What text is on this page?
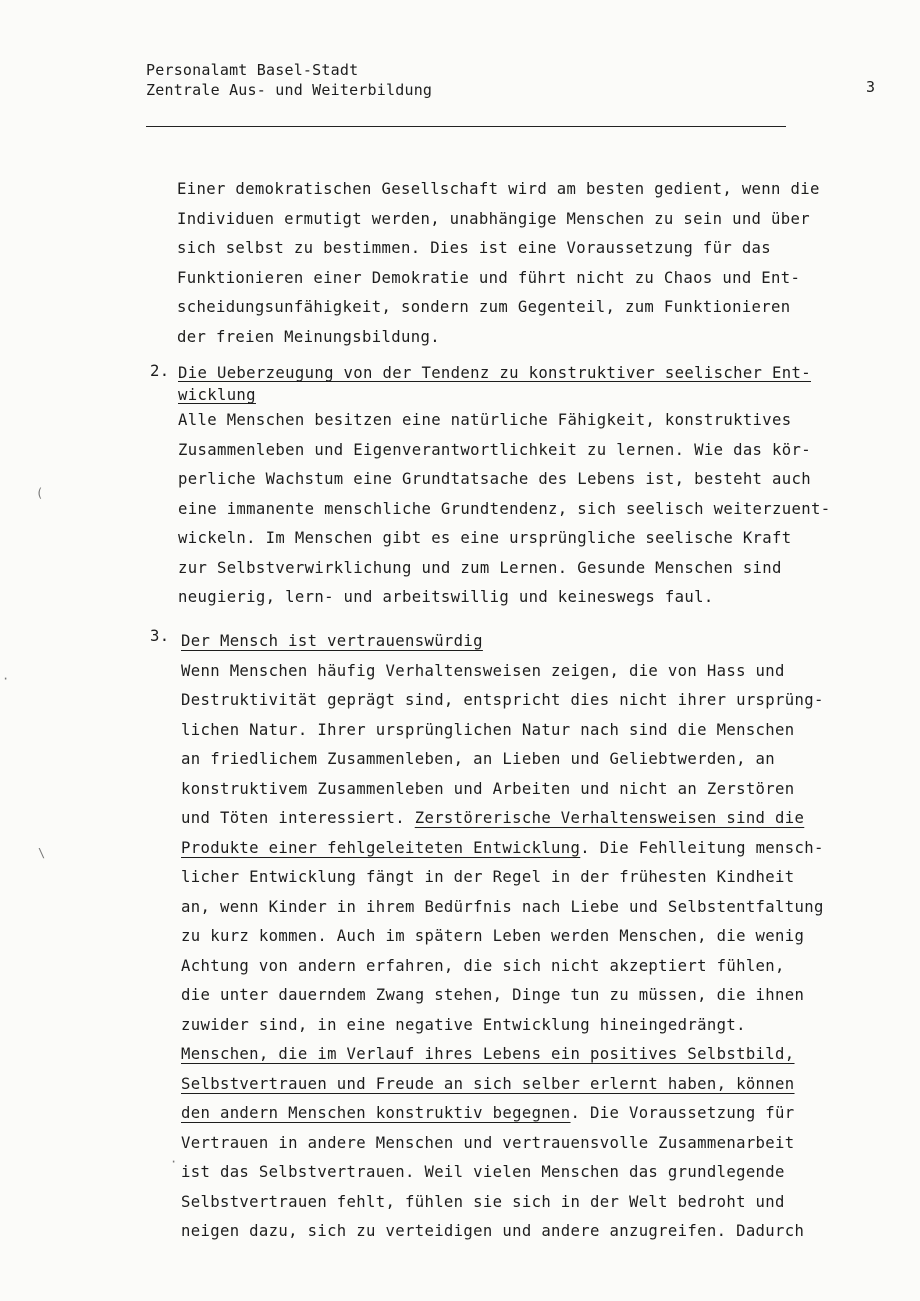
Personalamt Basel-Stadt
Zentrale Aus- und Weiterbildung	3
Einer demokratischen Gesellschaft wird am besten gedient, wenn die
Individuen ermutigt werden, unabhängige Menschen zu sein und über
sich selbst zu bestimmen. Dies ist eine Voraussetzung für das
Funktionieren einer Demokratie und führt nicht zu Chaos und Ent-
scheidungsunfähigkeit, sondern zum Gegenteil, zum Funktionieren
der freien Meinungsbildung.
2. Die Ueberzeugung von der Tendenz zu konstruktiver seelischer Ent-
wicklung
Alle Menschen besitzen eine natürliche Fähigkeit, konstruktives
Zusammenleben und Eigenverantwortlichkeit zu lernen. Wie das kör-
perliche Wachstum eine Grundtatsache des Lebens ist, besteht auch
eine immanente menschliche Grundtendenz, sich seelisch weiterzuent-
wickeln. Im Menschen gibt es eine ursprüngliche seelische Kraft
zur Selbstverwirklichung und zum Lernen. Gesunde Menschen sind
neugierig, lern- und arbeitswillig und keineswegs faul.
3. Der Mensch ist vertrauenswürdig
Wenn Menschen häufig Verhaltensweisen zeigen, die von Hass und
Destruktivität geprägt sind, entspricht dies nicht ihrer ursprüng-
lichen Natur. Ihrer ursprünglichen Natur nach sind die Menschen
an friedlichem Zusammenleben, an Lieben und Geliebtwerden, an
konstruktivem Zusammenleben und Arbeiten und nicht an Zerstören
und Töten interessiert. Zerstörerische Verhaltensweisen sind die
Produkte einer fehlgeleiteten Entwicklung. Die Fehlleitung mensch-
licher Entwicklung fängt in der Regel in der frühesten Kindheit
an, wenn Kinder in ihrem Bedürfnis nach Liebe und Selbstentfaltung
zu kurz kommen. Auch im spätern Leben werden Menschen, die wenig
Achtung von andern erfahren, die sich nicht akzeptiert fühlen,
die unter dauerndem Zwang stehen, Dinge tun zu müssen, die ihnen
zuwider sind, in eine negative Entwicklung hineingedrängt.
Menschen, die im Verlauf ihres Lebens ein positives Selbstbild,
Selbstvertrauen und Freude an sich selber erlernt haben, können
den andern Menschen konstruktiv begegnen. Die Voraussetzung für
Vertrauen in andere Menschen und vertrauensvolle Zusammenarbeit
ist das Selbstvertrauen. Weil vielen Menschen das grundlegende
Selbstvertrauen fehlt, fühlen sie sich in der Welt bedroht und
neigen dazu, sich zu verteidigen und andere anzugreifen. Dadurch
(
·
\
·
